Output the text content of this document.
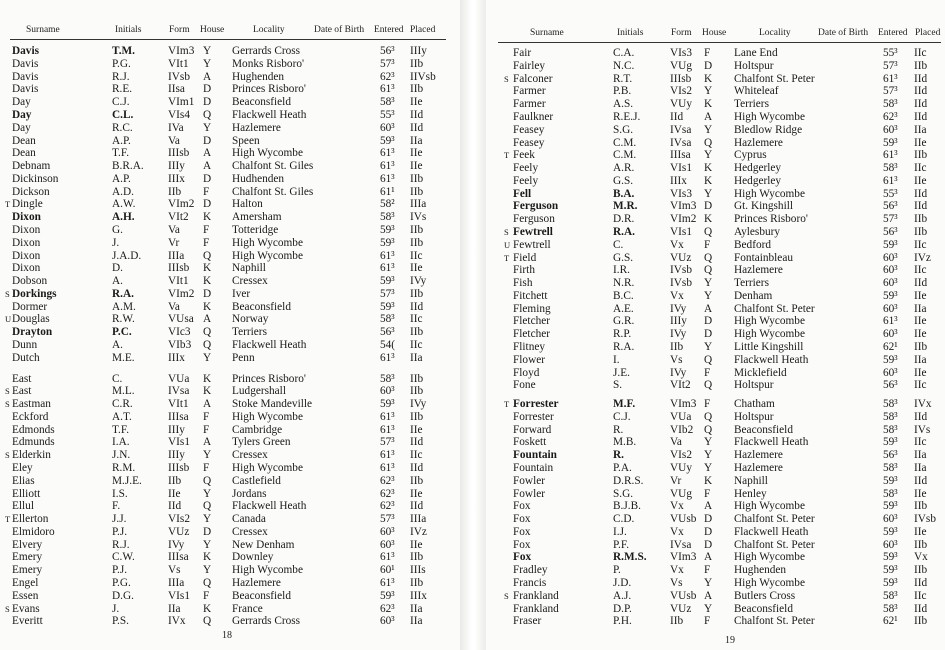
Surname	Initials	Form House	Locality	Date of Birth Entered Placed
Davis	T.M.	VIm3 Y Gerrards Cross	56³ IIIy
Davis	P.G.	VIt1 Y Monks Risboro'	57³ IIb
Davis	R.J.	IVsb A Hughenden	62³ IIVsb
Davis	R.E.	IIsa D Princes Risboro'	61³ IIb
Day	C.J.	VIm1 D Beaconsfield	58³ IIe
Day	C.L.	VIs4 Q Flackwell Heath	55³ IId
Day	R.C.	IVa Y Hazlemere	60³ IId
Dean	A.P.	Va D Speen	59³ IIa
Dean	T.F.	IIIsb A High Wycombe	61³ IIe
Debnam	B.R.A. IIIy A Chalfont St. Giles	61³ IIe
Dickinson	A.P.	IIIx D Hudhenden	61³ IIb
Dickson	A.D.	IIb F Chalfont St. Giles	61¹ IIb
T Dingle	A.W.	VIm2 D Halton	58² IIIa
Dixon	A.H.	VIt2 K Amersham	58³ IVs
Dixon	G.	Va F Totteridge	59³ IIb
Dixon	J.	Vr F High Wycombe	59³ IIb
Dixon	J.A.D. IIIa Q High Wycombe	61³ IIc
Dixon	D.	IIIsb K Naphill	61³ IIe
Dobson	A.	VIt1 K Cressex	59³ IVy
S Dorkings	R.A.	VIm2 D Iver	57³ IIb
Dormer	A.M.	Va K Beaconsfield	59³ IId
U Douglas	R.W.	VUsa A Norway	58³ IIc
Drayton	P.C.	VIc3 Q Terriers	56³ IIb
Dunn	A.	VIb3 Q Flackwell Heath	54( IIc
Dutch	M.E.	IIIx Y Penn	61³ IIa
East	C.	VUa K Princes Risboro'	58³ IIb
S East	M.L.	IVsa K Ludgershall	60³ IIb
S Eastman	C.R.	VIt1 A Stoke Mandeville	59³ IVy
Eckford	A.T.	IIIsa F High Wycombe	61³ IIb
Edmonds	T.F.	IIIy F Cambridge	61³ IIe
Edmunds	I.A.	VIs1 A Tylers Green	57³ IId
S Elderkin	J.N.	IIIy Y Cressex	61³ IIc
Eley	R.M.	IIIsb F High Wycombe	61³ IId
Elias	M.J.E. IIb Q Castlefield	62³ IIb
Elliott	I.S.	IIe Y Jordans	62³ IIe
Ellul	F.	IId Q Flackwell Heath	62³ IId
T Ellerton	J.J.	VIs2 Y Canada	57³ IIIa
Elmidoro	P.J.	VUz D Cressex	60³ IVz
Elvery	R.J.	IVy Y New Denham	60³ IIe
Emery	C.W.	IIIsa K Downley	61³ IIb
Emery	P.J.	Vs Y High Wycombe	60¹ IIIs
Engel	P.G.	IIIa Q Hazlemere	61³ IIb
Essen	D.G.	VIs1 F Beaconsfield	59³ IIIx
S Evans	J.	IIa K France	62³ IIa
Everitt	P.S.	IVx Q Gerrards Cross	60³ IIa
18
Surname	Initials	Form House	Locality	Date of Birth Entered Placed
Fair	C.A.	VIs3 F Lane End	55³ IIc
Fairley	N.C.	VUg D Holtspur	57³ IIb
S Falconer	R.T.	IIIsb K Chalfont St. Peter	61³ IId
Farmer	P.B.	VIs2 Y Whiteleaf	57³ IId
Farmer	A.S.	VUy K Terriers	58³ IId
Faulkner	R.E.J.	IId A High Wycombe	62³ IId
Feasey	S.G.	IVsa Y Bledlow Ridge	60³ IIa
Feasey	C.M.	IVsa Q Hazlemere	59³ IIe
T Feek	C.M.	IIIsa Y Cyprus	61³ IIb
Feely	A.R.	VIs1 K Hedgerley	58³ IIc
Feely	G.S.	IIIx K Hedgerley	61³ IIe
Fell	B.A.	VIs3 Y High Wycombe	55³ IId
Ferguson	M.R.	VIm3 D Gt. Kingshill	56³ IId
Ferguson	D.R.	VIm2 K Princes Risboro'	57³ IIb
S Fewtrell	R.A.	VIs1 Q Aylesbury	56³ IIb
U Fewtrell	C.	Vx F Bedford	59³ IIc
T Field	G.S.	VUz Q Fontainbleau	60³ IVz
Firth	I.R.	IVsb Q Hazlemere	60³ IIc
Fish	N.R.	IVsb Y Terriers	60³ IId
Fitchett	B.C.	Vx Y Denham	59³ IIe
Fleming	A.E.	IVy A Chalfont St. Peter	60³ IIa
Fletcher	G.R.	IIIy D High Wycombe	61³ IIe
Fletcher	R.P.	IVy D High Wycombe	60³ IIe
Flitney	R.A.	IIb Y Little Kingshill	62¹ IIb
Flower	I.	Vs Q Flackwell Heath	59³ IIa
Floyd	J.E.	IVy F Micklefield	60³ IIe
Fone	S.	VIt2 Q Holtspur	56³ IIc
T Forrester	M.F.	VIm3 F Chatham	58³ IVx
Forrester	C.J.	VUa Q Holtspur	58³ IId
Forward	R.	VIb2 Q Beaconsfield	58³ IVs
Foskett	M.B.	Va Y Flackwell Heath	59³ IIc
Fountain	R.	VIs2 Y Hazlemere	56³ IIa
Fountain	P.A.	VUy Y Hazlemere	58³ IIa
Fowler	D.R.S. Vr K Naphill	59³ IId
Fowler	S.G.	VUg F Henley	58³ IIe
Fox	B.J.B.	Vx A High Wycombe	59³ IIb
Fox	C.D.	VUsb D Chalfont St. Peter	60³ IVsb
Fox	I.J.	Vx D Flackwell Heath	59³ IIe
Fox	P.F.	IVsa D Chalfont St. Peter	60³ IIb
Fox	R.M.S. VIm3 A High Wycombe	59³ Vx
Fradley	P.	Vx F Hughenden	59³ IIb
Francis	J.D.	Vs Y High Wycombe	59³ IId
S Frankland	A.J.	VUsb A Butlers Cross	58³ IIc
Frankland	D.P.	VUz Y Beaconsfield	58³ IId
Fraser	P.H.	IIb F Chalfont St. Peter	62¹ IIb
19
